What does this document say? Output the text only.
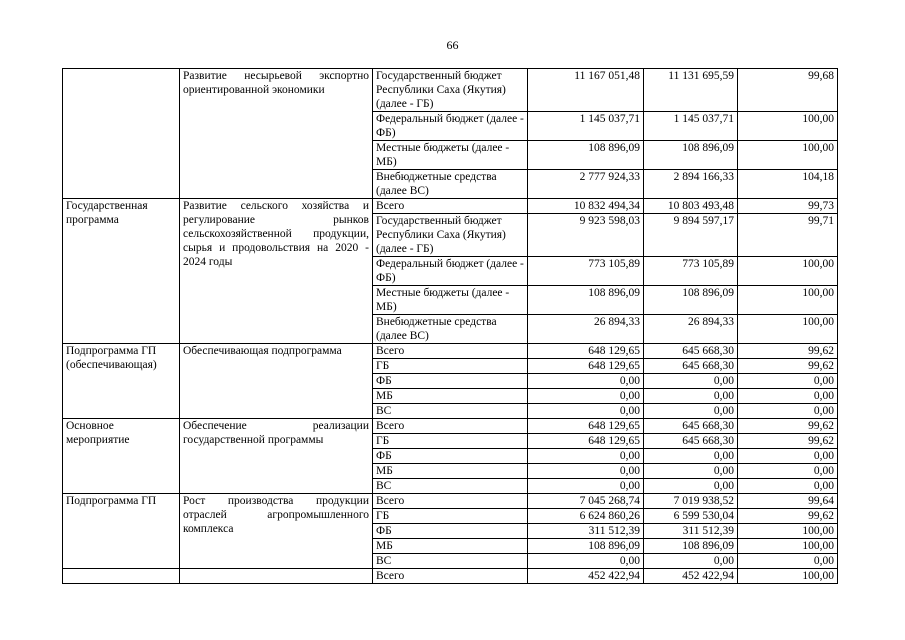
66
	Развитие несырьевой экспортно ориентированной экономики	Государственный бюджет Республики Саха (Якутия) (далее - ГБ)	11 167 051,48	11 131 695,59	99,68
		Федеральный бюджет (далее - ФБ)	1 145 037,71	1 145 037,71	100,00
		Местные бюджеты (далее - МБ)	108 896,09	108 896,09	100,00
		Внебюджетные средства (далее ВС)	2 777 924,33	2 894 166,33	104,18
Государственная программа	Развитие сельского хозяйства и регулирование рынков сельскохозяйственной продукции, сырья и продовольствия на 2020 - 2024 годы	Всего	10 832 494,34	10 803 493,48	99,73
		Государственный бюджет Республики Саха (Якутия) (далее - ГБ)	9 923 598,03	9 894 597,17	99,71
		Федеральный бюджет (далее - ФБ)	773 105,89	773 105,89	100,00
		Местные бюджеты (далее - МБ)	108 896,09	108 896,09	100,00
		Внебюджетные средства (далее ВС)	26 894,33	26 894,33	100,00
Подпрограмма ГП (обеспечивающая)	Обеспечивающая подпрограмма	Всего	648 129,65	645 668,30	99,62
		ГБ	648 129,65	645 668,30	99,62
		ФБ	0,00	0,00	0,00
		МБ	0,00	0,00	0,00
		ВС	0,00	0,00	0,00
Основное мероприятие	Обеспечение реализации государственной программы	Всего	648 129,65	645 668,30	99,62
		ГБ	648 129,65	645 668,30	99,62
		ФБ	0,00	0,00	0,00
		МБ	0,00	0,00	0,00
		ВС	0,00	0,00	0,00
Подпрограмма ГП	Рост производства продукции отраслей агропромышленного комплекса	Всего	7 045 268,74	7 019 938,52	99,64
		ГБ	6 624 860,26	6 599 530,04	99,62
		ФБ	311 512,39	311 512,39	100,00
		МБ	108 896,09	108 896,09	100,00
		ВС	0,00	0,00	0,00
		Всего	452 422,94	452 422,94	100,00
